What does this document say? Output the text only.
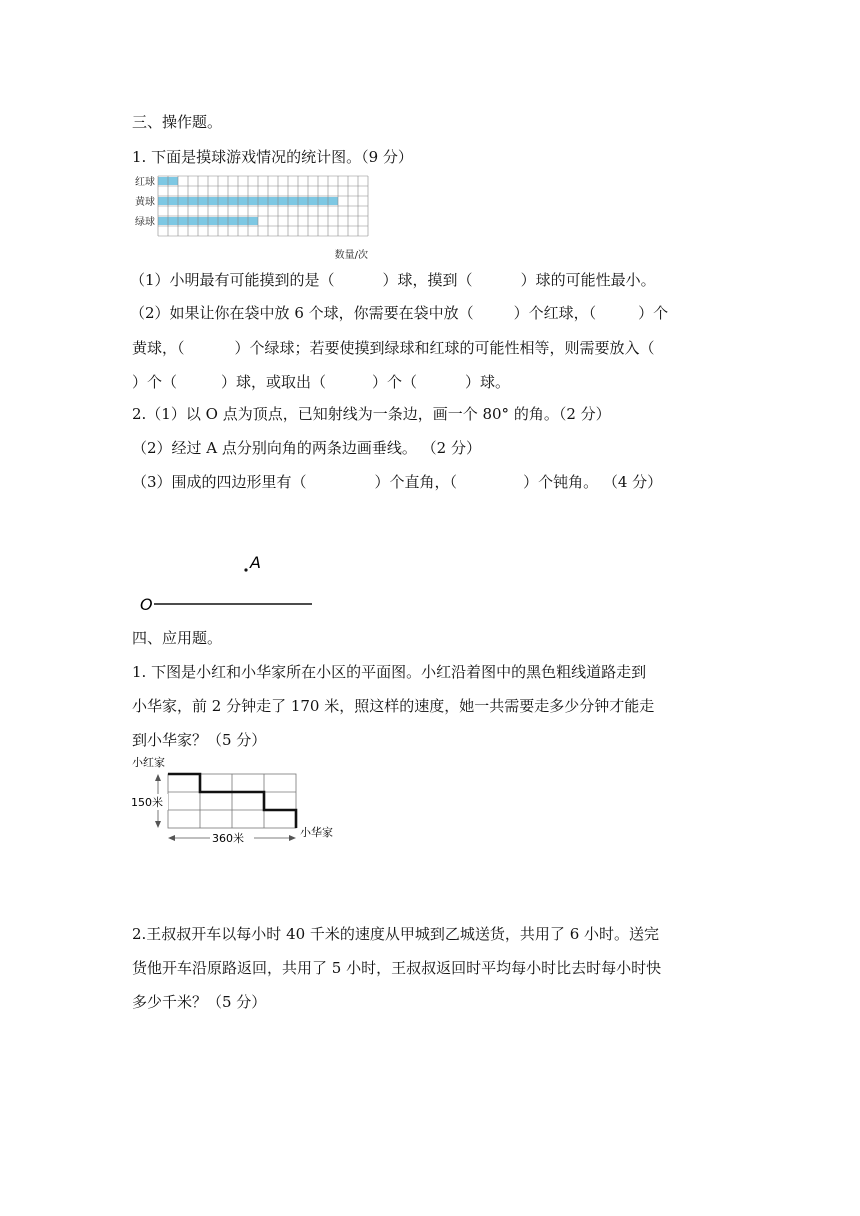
三、操作题。
1. 下面是摸球游戏情况的统计图。（9 分）
红球
黄球
绿球
数量/次
（1）小明最有可能摸到的是（	）球，摸到（	）球的可能性最小。
（2）如果让你在袋中放 6 个球，你需要在袋中放（	）个红球，（	）个
黄球，（	）个绿球；若要使摸到绿球和红球的可能性相等，则需要放入（
）个（	）球，或取出（	）个（	）球。
2.（1）以 O 点为顶点，已知射线为一条边，画一个 80° 的角。（2 分）
（2）经过 A 点分别向角的两条边画垂线。 （2 分）
（3）围成的四边形里有（	）个直角，（	）个钝角。 （4 分）
A
O
四、应用题。
1. 下图是小红和小华家所在小区的平面图。小红沿着图中的黑色粗线道路走到
小华家，前 2 分钟走了 170 米，照这样的速度，她一共需要走多少分钟才能走
到小华家？（5 分）
小红家
150米
360米	小华家
2.王叔叔开车以每小时 40 千米的速度从甲城到乙城送货，共用了 6 小时。送完
货他开车沿原路返回，共用了 5 小时，王叔叔返回时平均每小时比去时每小时快
多少千米？（5 分）
